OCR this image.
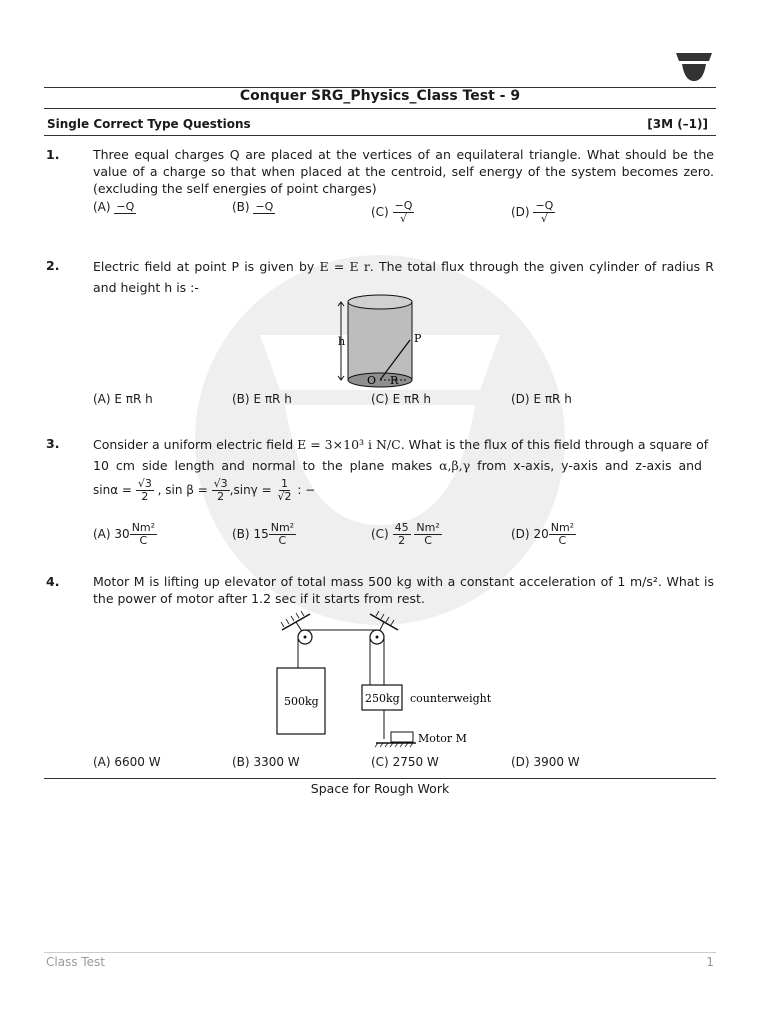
Conquer SRG_Physics_Class Test - 9
Single Correct Type Questions	[3M (–1)]
1.	Three equal charges Q are placed at the vertices of an equilateral triangle. What should be the value of a charge so that when placed at the centroid, self energy of the system becomes zero. (excluding the self energies of point charges)
(A) −Q	(B) −Q	$(C) \frac{-Q}{√}$	$(D) \frac{-Q}{√}$
2.	Electric field at point P is given by E = E r. The total flux through the given cylinder of radius R and height h is :-
h	P
O R
(A) E πR h	(B) E πR h	(C) E πR h	(D) E πR h
3.	Consider a uniform electric field E = 3×10³ i N/C. What is the flux of this field through a square of
10 cm side length and normal to the plane makes α,β,γ from x-axis, y-axis and z-axis and
$\sin\alpha = \frac{√3}{2}$ , $\sin \beta = \frac{√3}{2} ,\sin\gamma = \frac{1}{√2}$ : −
(A) $30 \frac{\text{Nm²}}{C}$	(B) $15 \frac{\text{Nm²}}{C}$	$(C) \frac{45}{2}$
$\frac{\text{Nm²}}{C}$	(D) $20 \frac{\text{Nm²}}{C}$
4.	Motor M is lifting up elevator of total mass 500 kg with a constant acceleration of 1 m/s². What is the power of motor after 1.2 sec if it starts from rest.
500kg	250kg counterweight
Motor M
(A) 6600 W	(B) 3300 W	(C) 2750 W	(D) 3900 W
Space for Rough Work
Class Test	1
